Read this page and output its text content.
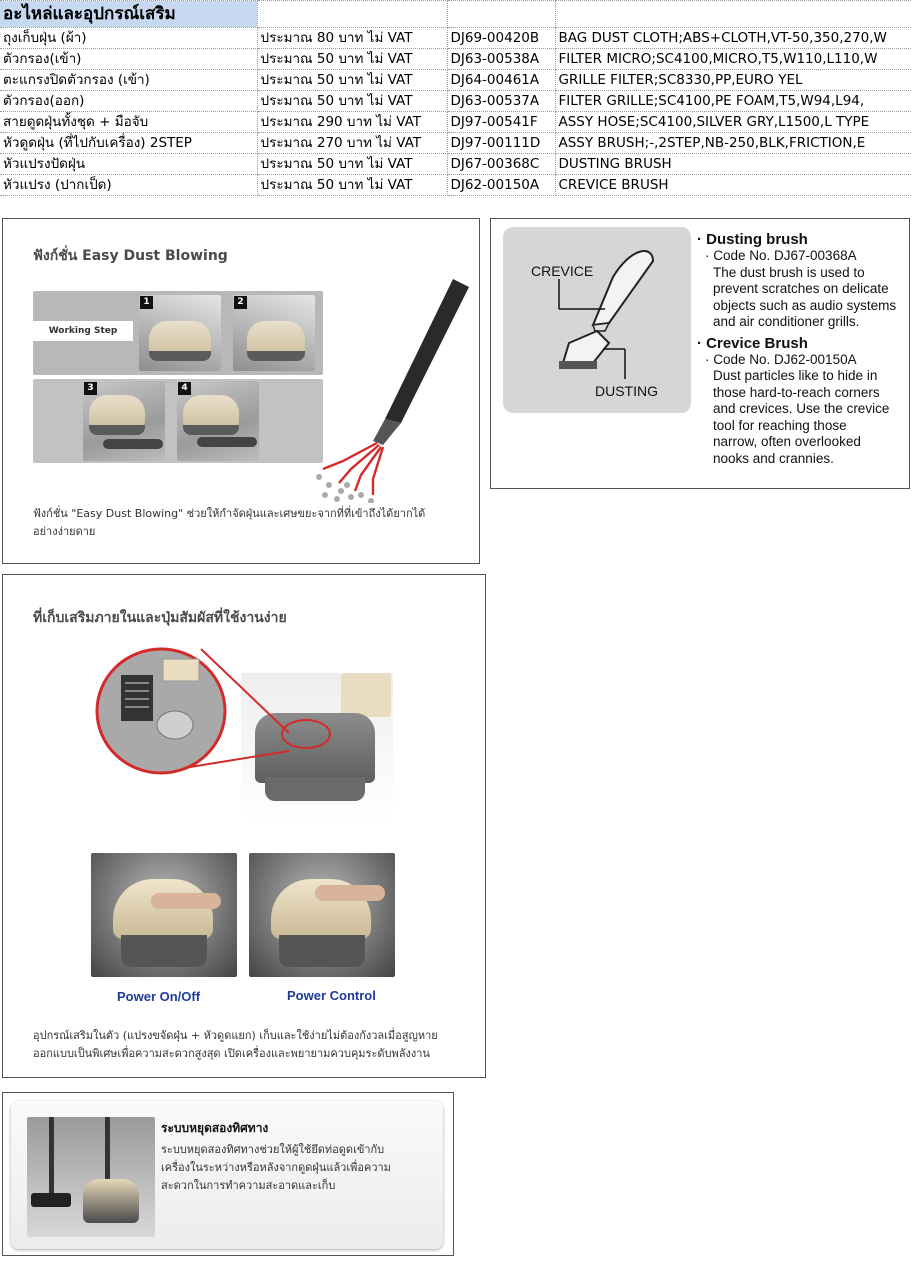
อะไหล่และอุปกรณ์เสริม			
ถุงเก็บฝุ่น (ผ้า)	ประมาณ 80 บาท ไม่ VAT	DJ69-00420B	BAG DUST CLOTH;ABS+CLOTH,VT-50,350,270,W
ตัวกรอง(เข้า)	ประมาณ 50 บาท ไม่ VAT	DJ63-00538A	FILTER MICRO;SC4100,MICRO,T5,W110,L110,W
ตะแกรงปิดตัวกรอง (เข้า)	ประมาณ 50 บาท ไม่ VAT	DJ64-00461A	GRILLE FILTER;SC8330,PP,EURO YEL
ตัวกรอง(ออก)	ประมาณ 50 บาท ไม่ VAT	DJ63-00537A	FILTER GRILLE;SC4100,PE FOAM,T5,W94,L94,
สายดูดฝุ่นทั้งชุด + มือจับ	ประมาณ 290 บาท ไม่ VAT	DJ97-00541F	ASSY HOSE;SC4100,SILVER GRY,L1500,L TYPE
หัวดูดฝุ่น (ที่ไปกับเครื่อง) 2STEP	ประมาณ 270 บาท ไม่ VAT	DJ97-00111D	ASSY BRUSH;-,2STEP,NB-250,BLK,FRICTION,E
หัวแปรงปัดฝุ่น	ประมาณ 50 บาท ไม่ VAT	DJ67-00368C	DUSTING BRUSH
หัวแปรง (ปากเป็ด)	ประมาณ 50 บาท ไม่ VAT	DJ62-00150A	CREVICE BRUSH
ฟังก์ชั่น Easy Dust Blowing
Working Step
1	2
3	4
ฟังก์ชั่น "Easy Dust Blowing" ช่วยให้กำจัดฝุ่นและเศษขยะจากที่ที่เข้าถึงได้ยากได้
อย่างง่ายดาย
CREVICE
DUSTING
· Dusting brush
· Code No. DJ67-00368A
The dust brush is used to
prevent scratches on delicate
objects such as audio systems
and air conditioner grills.
· Crevice Brush
· Code No. DJ62-00150A
Dust particles like to hide in
those hard-to-reach corners
and crevices. Use the crevice
tool for reaching those
narrow, often overlooked
nooks and crannies.
ที่เก็บเสริมภายในและปุ่มสัมผัสที่ใช้งานง่าย
Power On/Off	Power Control
อุปกรณ์เสริมในตัว (แปรงขจัดฝุ่น + หัวดูดแยก) เก็บและใช้ง่ายไม่ต้องกังวลเมื่อสูญหาย
ออกแบบเป็นพิเศษเพื่อความสะดวกสูงสุด เปิดเครื่องและพยายามควบคุมระดับพลังงาน
ระบบหยุดสองทิศทาง
ระบบหยุดสองทิศทางช่วยให้ผู้ใช้ยึดท่อดูดเข้ากับ
เครื่องในระหว่างหรือหลังจากดูดฝุ่นแล้วเพื่อความ
สะดวกในการทำความสะอาดและเก็บ
